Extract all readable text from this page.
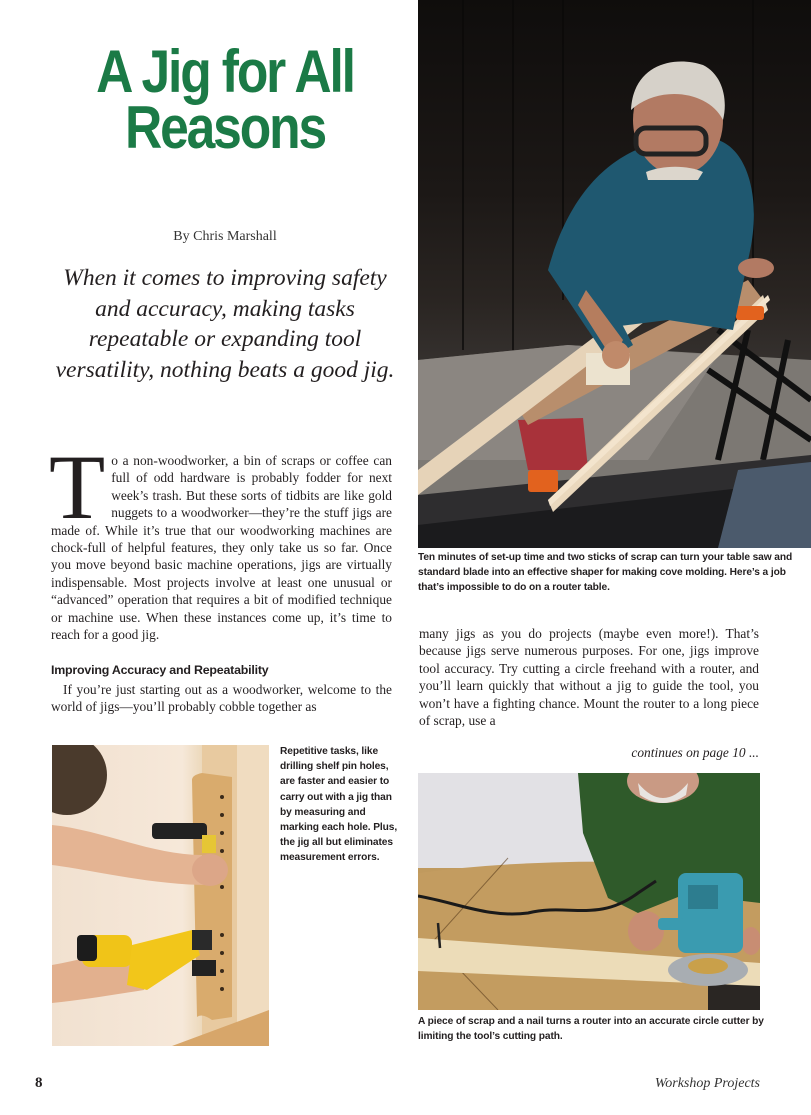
A Jig for All
Reasons
By Chris Marshall
When it comes to improving safety and accuracy, making tasks repeatable or expanding tool versatility, nothing beats a good jig.

To a non-woodworker, a bin of scraps or coffee can full of odd hardware is probably fodder for next week’s trash. But these sorts of tidbits are like gold nuggets to a woodworker—they’re the stuff jigs are made of. While it’s true that our woodworking machines are chock-full of helpful features, they only take us so far. Once you move beyond basic machine operations, jigs are virtually indispensable. Most projects involve at least one unusual or “advanced” operation that requires a bit of modified technique or machine use. When these instances come up, it’s time to reach for a good jig.

Improving Accuracy and Repeatability

If you’re just starting out as a woodworker, welcome to the world of jigs—you’ll probably cobble together as

Ten minutes of set-up time and two sticks of scrap can turn your table saw and standard blade into an effective shaper for making cove molding. Here’s a job that’s impossible to do on a router table.

many jigs as you do projects (maybe even more!). That’s because jigs serve numerous purposes. For one, jigs improve tool accuracy. Try cutting a circle freehand with a router, and you’ll learn quickly that without a jig to guide the tool, you won’t have a fighting chance. Mount the router to a long piece of scrap, use a

continues on page 10 ...
Repetitive tasks, like drilling shelf pin holes, are faster and easier to carry out with a jig than by measuring and marking each hole. Plus, the jig all but eliminates measurement errors.
A piece of scrap and a nail turns a router into an accurate circle cutter by limiting the tool’s cutting path.
8	Workshop Projects
